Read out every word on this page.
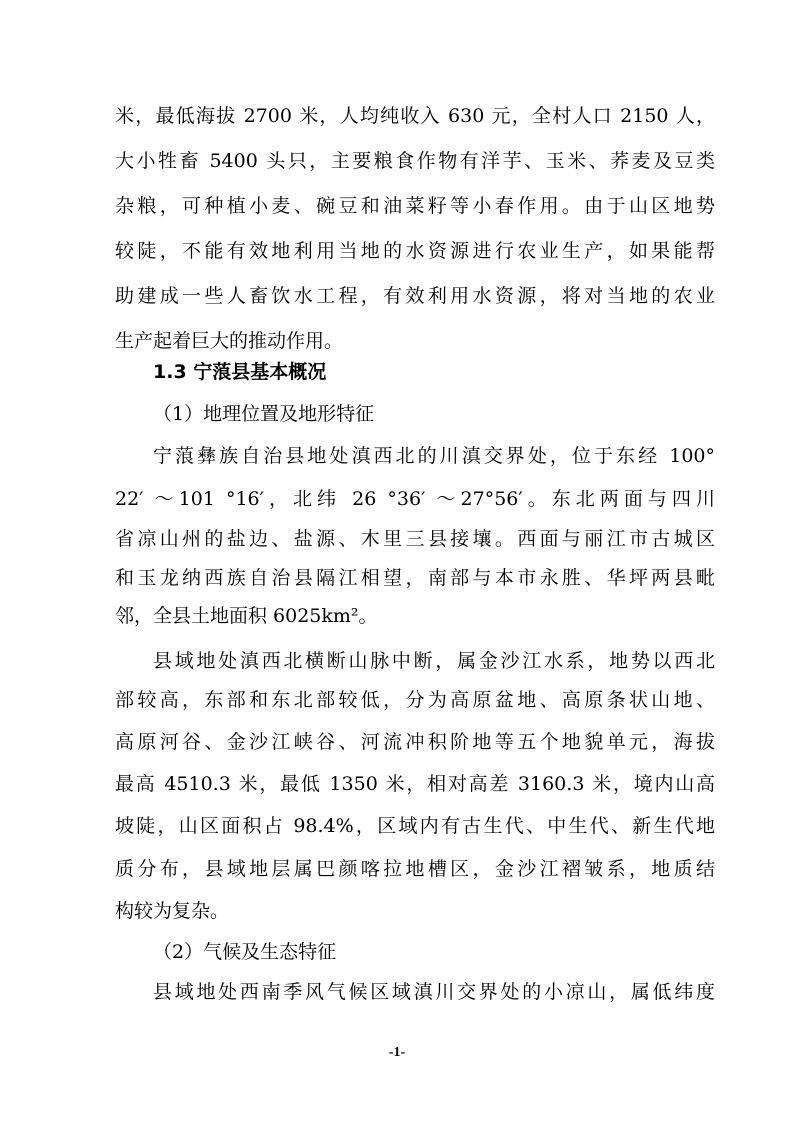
米，最低海拔 2700 米，人均纯收入 630 元，全村人口 2150 人，
大小牲畜 5400 头只，主要粮食作物有洋芋、玉米、荞麦及豆类
杂粮，可种植小麦、碗豆和油菜籽等小春作用。由于山区地势
较陡，不能有效地利用当地的水资源进行农业生产，如果能帮
助建成一些人畜饮水工程，有效利用水资源，将对当地的农业
生产起着巨大的推动作用。
1.3 宁蒗县基本概况
（1）地理位置及地形特征
宁蒗彝族自治县地处滇西北的川滇交界处，位于东经 100°
22′ ～101 °16′，北纬 26 °36′ ～27°56′。东北两面与四川
省凉山州的盐边、盐源、木里三县接壤。西面与丽江市古城区
和玉龙纳西族自治县隔江相望，南部与本市永胜、华坪两县毗
邻，全县土地面积 6025km²。
县域地处滇西北横断山脉中断，属金沙江水系，地势以西北
部较高，东部和东北部较低，分为高原盆地、高原条状山地、
高原河谷、金沙江峡谷、河流冲积阶地等五个地貌单元，海拔
最高 4510.3 米，最低 1350 米，相对高差 3160.3 米，境内山高
坡陡，山区面积占 98.4%，区域内有古生代、中生代、新生代地
质分布，县域地层属巴颜喀拉地槽区，金沙江褶皱系，地质结
构较为复杂。
（2）气候及生态特征
县域地处西南季风气候区域滇川交界处的小凉山，属低纬度
-1-
